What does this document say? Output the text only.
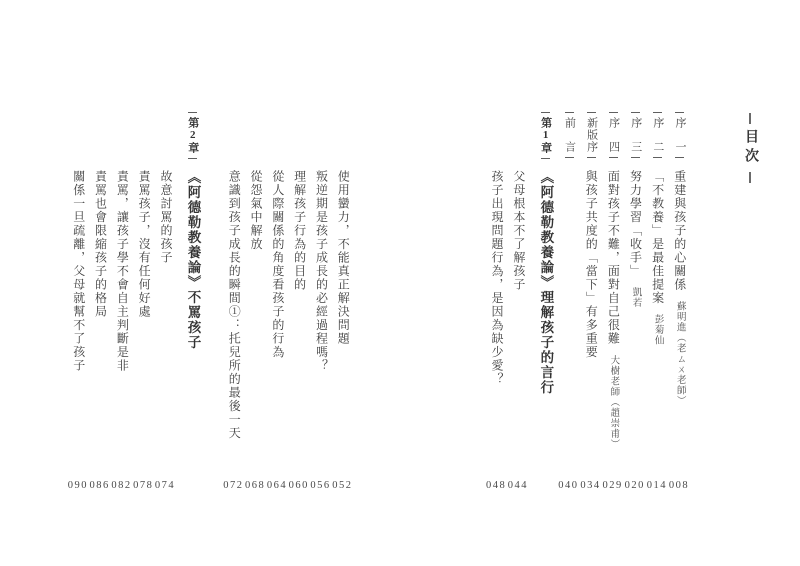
目次
序　一
重建與孩子的心關係蘇明進（老ㄙㄨ老師）
008
序　二
「不教養」是最佳提案彭菊仙
014
序　三
努力學習「收手」凱若
020
序　四
面對孩子不難，面對自己很難大樹老師（趙崇甫）
029
新版序
與孩子共度的「當下」有多重要
034
前　言
040
第1章
《阿德勒教養論》理解孩子的言行
父母根本不了解孩子
044
孩子出現問題行為，是因為缺少愛？
048
使用蠻力，不能真正解決問題
052
叛逆期是孩子成長的必經過程嗎？
056
理解孩子行為的目的
060
從人際關係的角度看孩子的行為
064
從怨氣中解放
068
意識到孩子成長的瞬間①：托兒所的最後一天
072
第2章
《阿德勒教養論》不罵孩子
故意討罵的孩子
074
責罵孩子，沒有任何好處
078
責罵，讓孩子學不會自主判斷是非
082
責罵也會限縮孩子的格局
086
關係一旦疏離，父母就幫不了孩子
090
